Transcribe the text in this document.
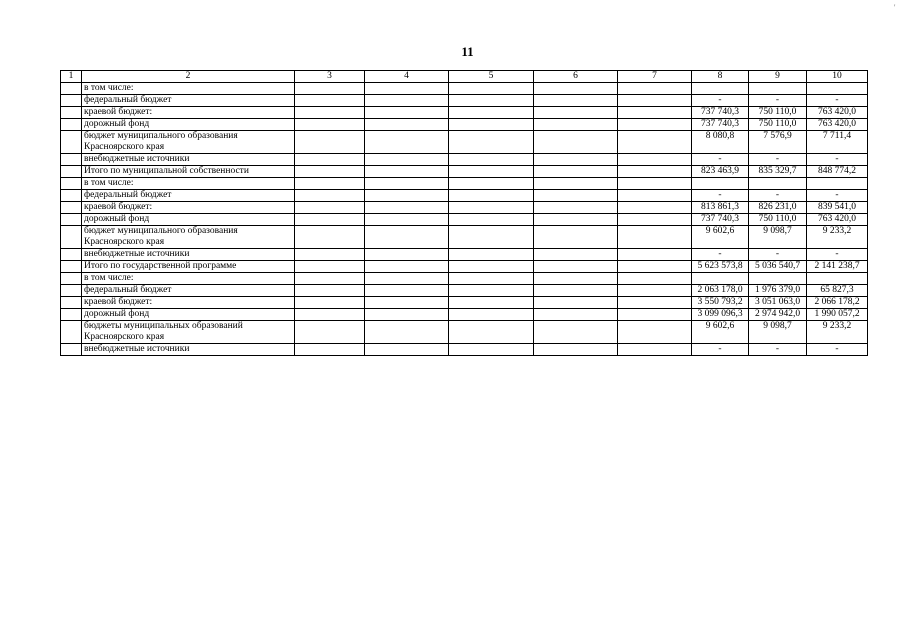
11
'
1	2	3	4	5	6	7	8	9	10
	в том числе:								
	федеральный бюджет						-	-	-
	краевой бюджет:						737 740,3	750 110,0	763 420,0
	дорожный фонд						737 740,3	750 110,0	763 420,0
	бюджет муниципального образования Красноярского края						8 080,8	7 576,9	7 711,4
	внебюджетные источники						-	-	-
	Итого по муниципальной собственности						823 463,9	835 329,7	848 774,2
	в том числе:								
	федеральный бюджет						-	-	-
	краевой бюджет:						813 861,3	826 231,0	839 541,0
	дорожный фонд						737 740,3	750 110,0	763 420,0
	бюджет муниципального образования Красноярского края						9 602,6	9 098,7	9 233,2
	внебюджетные источники						-	-	-
	Итого по государственной программе						5 623 573,8	5 036 540,7	2 141 238,7
	в том числе:								
	федеральный бюджет						2 063 178,0	1 976 379,0	65 827,3
	краевой бюджет:						3 550 793,2	3 051 063,0	2 066 178,2
	дорожный фонд						3 099 096,3	2 974 942,0	1 990 057,2
	бюджеты муниципальных образований Красноярского края						9 602,6	9 098,7	9 233,2
	внебюджетные источники						-	-	-
